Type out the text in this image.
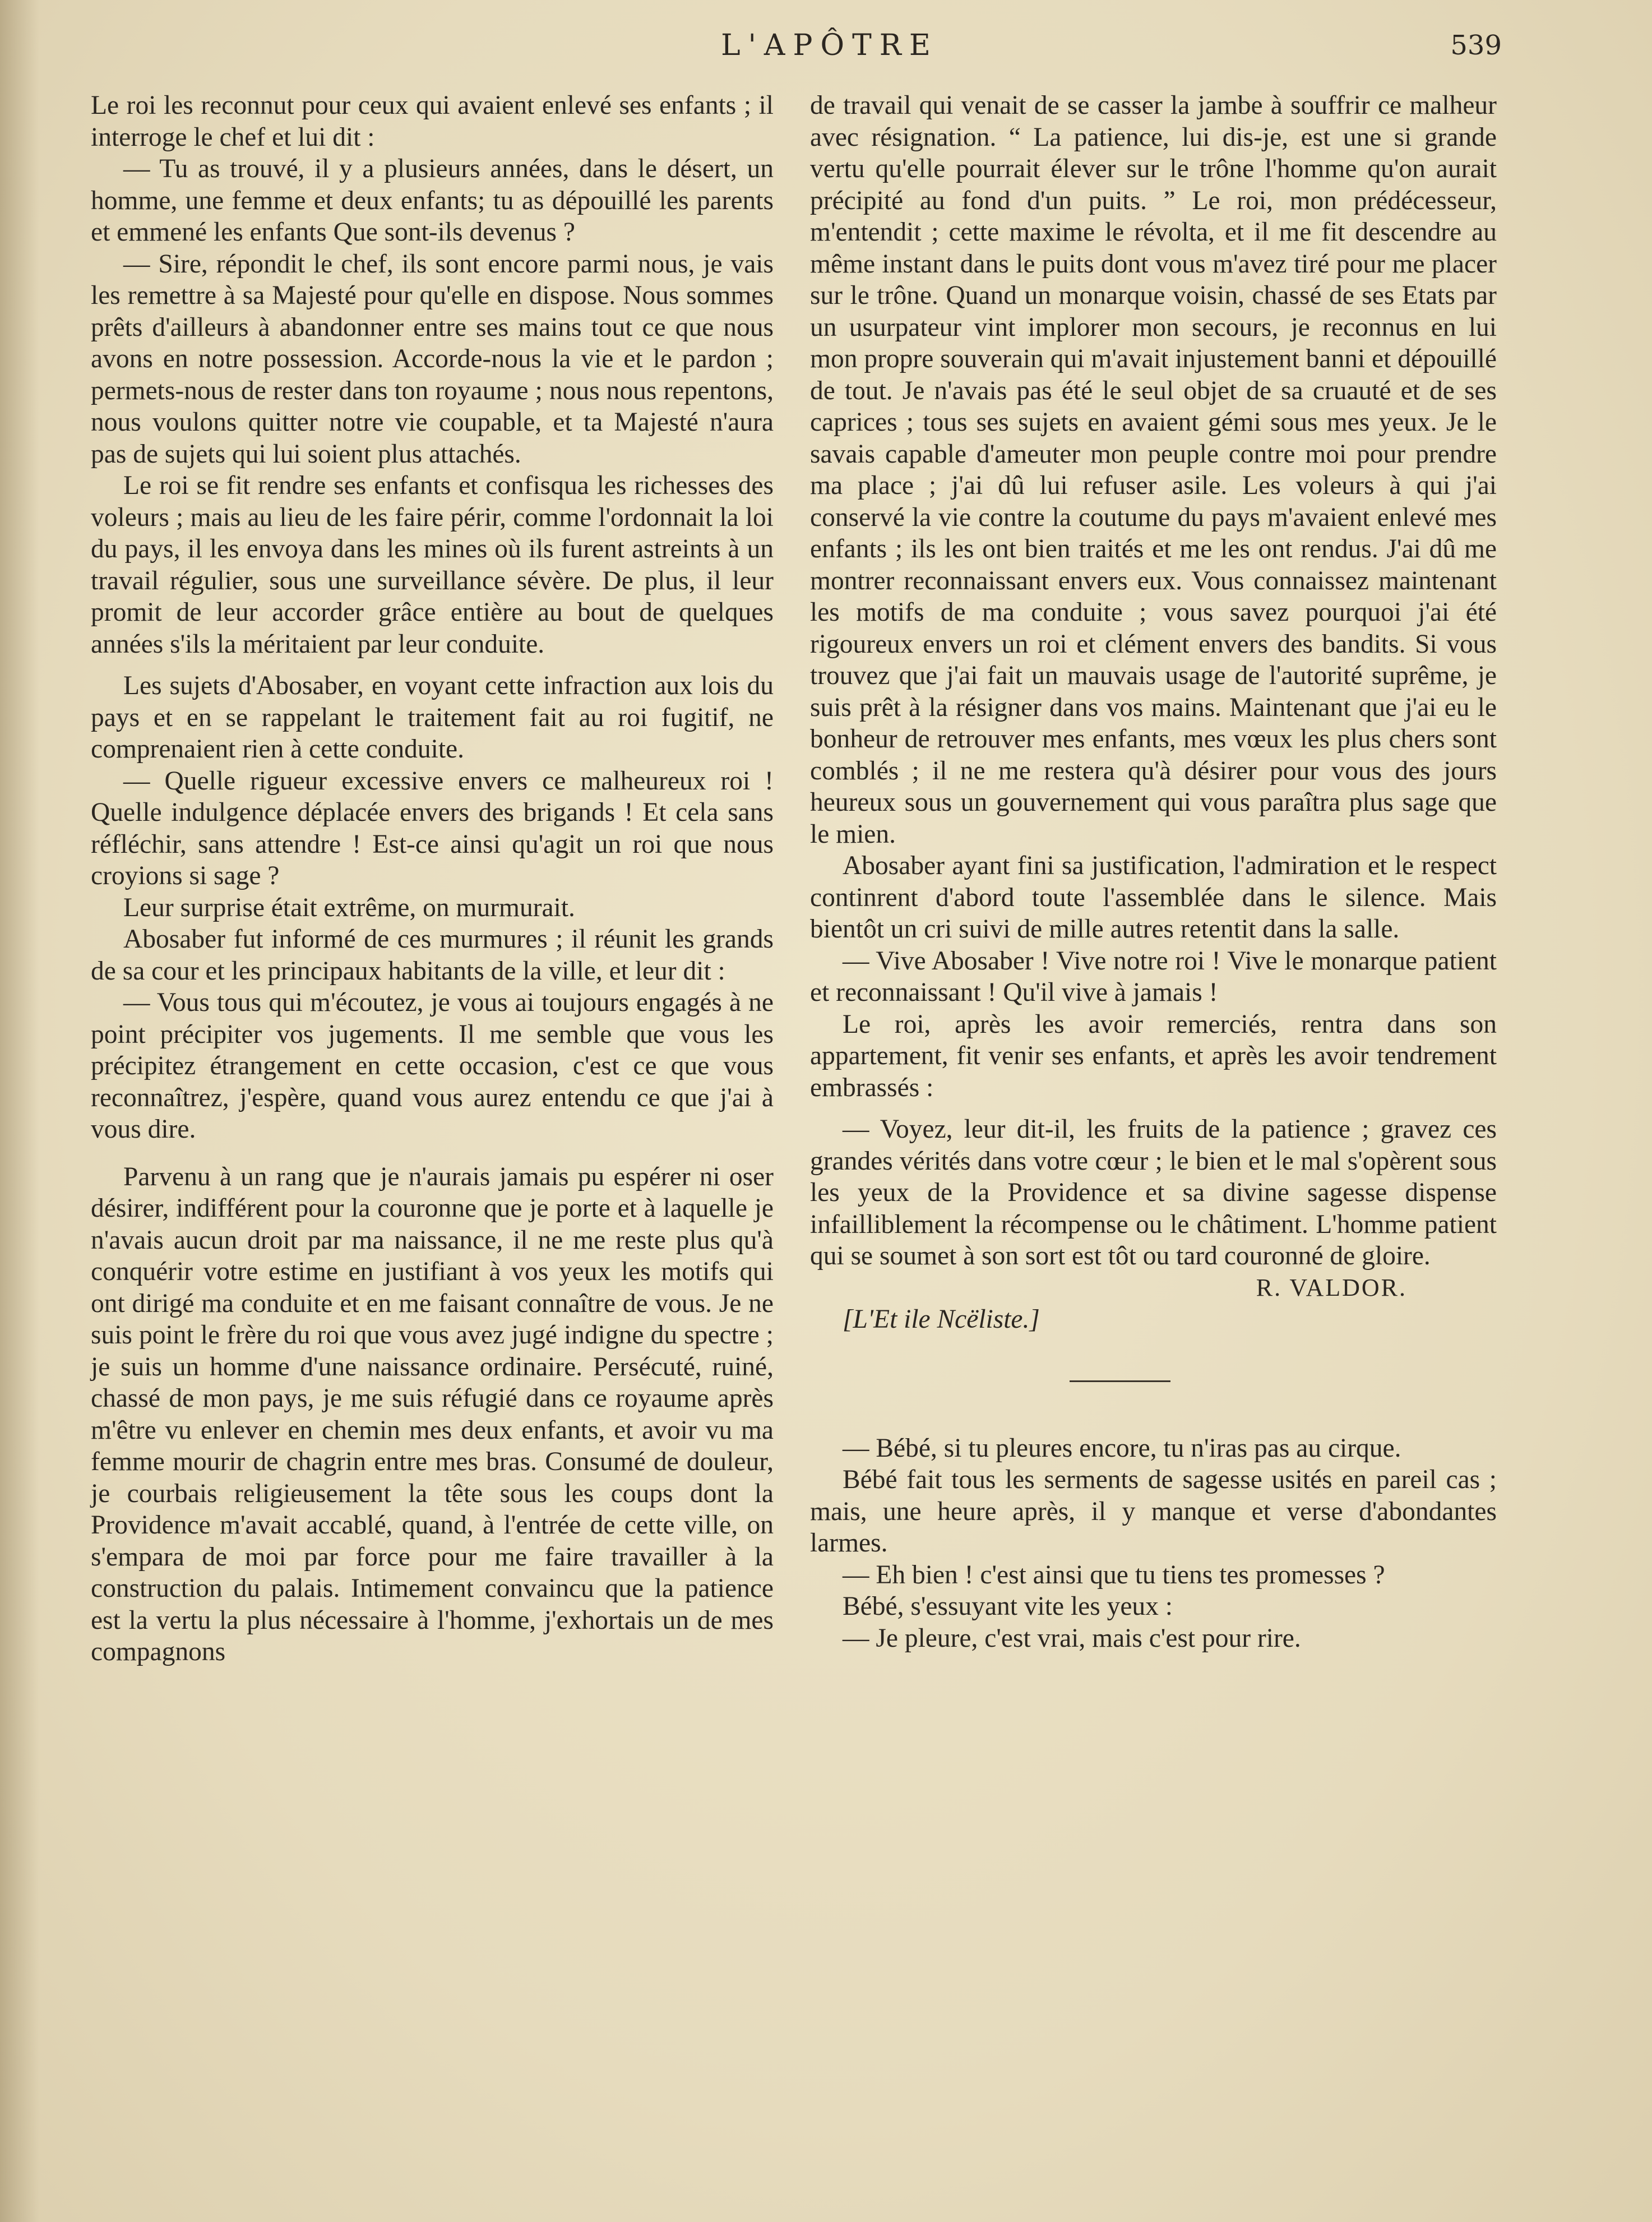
L'APÔTRE	539

Le roi les reconnut pour ceux qui avaient enlevé ses enfants ; il interroge le chef et lui dit :

— Tu as trouvé, il y a plusieurs années, dans le désert, un homme, une femme et deux enfants; tu as dépouillé les parents et emmené les enfants Que sont-ils devenus ?

— Sire, répondit le chef, ils sont encore parmi nous, je vais les remettre à sa Majesté pour qu'elle en dispose. Nous sommes prêts d'ailleurs à abandonner entre ses mains tout ce que nous avons en notre possession. Accorde-nous la vie et le pardon ; permets-nous de rester dans ton royaume ; nous nous repentons, nous voulons quitter notre vie coupable, et ta Majesté n'aura pas de sujets qui lui soient plus attachés.

Le roi se fit rendre ses enfants et confisqua les richesses des voleurs ; mais au lieu de les faire périr, comme l'ordonnait la loi du pays, il les envoya dans les mines où ils furent astreints à un travail régulier, sous une surveillance sévère. De plus, il leur promit de leur accorder grâce entière au bout de quelques années s'ils la méritaient par leur conduite.

Les sujets d'Abosaber, en voyant cette infraction aux lois du pays et en se rappelant le traitement fait au roi fugitif, ne comprenaient rien à cette conduite.

— Quelle rigueur excessive envers ce malheureux roi ! Quelle indulgence déplacée envers des brigands ! Et cela sans réfléchir, sans attendre ! Est-ce ainsi qu'agit un roi que nous croyions si sage ?

Leur surprise était extrême, on murmurait.

Abosaber fut informé de ces murmures ; il réunit les grands de sa cour et les principaux habitants de la ville, et leur dit :

— Vous tous qui m'écoutez, je vous ai toujours engagés à ne point précipiter vos jugements. Il me semble que vous les précipitez étrangement en cette occasion, c'est ce que vous reconnaîtrez, j'espère, quand vous aurez entendu ce que j'ai à vous dire.

Parvenu à un rang que je n'aurais jamais pu espérer ni oser désirer, indifférent pour la couronne que je porte et à laquelle je n'avais aucun droit par ma naissance, il ne me reste plus qu'à conquérir votre estime en justifiant à vos yeux les motifs qui ont dirigé ma conduite et en me faisant connaître de vous. Je ne suis point le frère du roi que vous avez jugé indigne du spectre ; je suis un homme d'une naissance ordinaire. Persécuté, ruiné, chassé de mon pays, je me suis réfugié dans ce royaume après m'être vu enlever en chemin mes deux enfants, et avoir vu ma femme mourir de chagrin entre mes bras. Consumé de douleur, je courbais religieusement la tête sous les coups dont la Providence m'avait accablé, quand, à l'entrée de cette ville, on s'empara de moi par force pour me faire travailler à la construction du palais. Intimement convaincu que la patience est la vertu la plus nécessaire à l'homme, j'exhortais un de mes compagnons

de travail qui venait de se casser la jambe à souffrir ce malheur avec résignation. “ La patience, lui dis-je, est une si grande vertu qu'elle pourrait élever sur le trône l'homme qu'on aurait précipité au fond d'un puits. ” Le roi, mon prédécesseur, m'entendit ; cette maxime le révolta, et il me fit descendre au même instant dans le puits dont vous m'avez tiré pour me placer sur le trône. Quand un monarque voisin, chassé de ses Etats par un usurpateur vint implorer mon secours, je reconnus en lui mon propre souverain qui m'avait injustement banni et dépouillé de tout. Je n'avais pas été le seul objet de sa cruauté et de ses caprices ; tous ses sujets en avaient gémi sous mes yeux. Je le savais capable d'ameuter mon peuple contre moi pour prendre ma place ; j'ai dû lui refuser asile. Les voleurs à qui j'ai conservé la vie contre la coutume du pays m'avaient enlevé mes enfants ; ils les ont bien traités et me les ont rendus. J'ai dû me montrer reconnaissant envers eux. Vous connaissez maintenant les motifs de ma conduite ; vous savez pourquoi j'ai été rigoureux envers un roi et clément envers des bandits. Si vous trouvez que j'ai fait un mauvais usage de l'autorité suprême, je suis prêt à la résigner dans vos mains. Maintenant que j'ai eu le bonheur de retrouver mes enfants, mes vœux les plus chers sont comblés ; il ne me restera qu'à désirer pour vous des jours heureux sous un gouvernement qui vous paraîtra plus sage que le mien.

Abosaber ayant fini sa justification, l'admiration et le respect continrent d'abord toute l'assemblée dans le silence. Mais bientôt un cri suivi de mille autres retentit dans la salle.

— Vive Abosaber ! Vive notre roi ! Vive le monarque patient et reconnaissant ! Qu'il vive à jamais !

Le roi, après les avoir remerciés, rentra dans son appartement, fit venir ses enfants, et après les avoir tendrement embrassés :

— Voyez, leur dit-il, les fruits de la patience ; gravez ces grandes vérités dans votre cœur ; le bien et le mal s'opèrent sous les yeux de la Providence et sa divine sagesse dispense infailliblement la récompense ou le châtiment. L'homme patient qui se soumet à son sort est tôt ou tard couronné de gloire.

R. VALDOR.

[L'Et ile Ncëliste.]

— Bébé, si tu pleures encore, tu n'iras pas au cirque.

Bébé fait tous les serments de sagesse usités en pareil cas ; mais, une heure après, il y manque et verse d'abondantes larmes.

— Eh bien ! c'est ainsi que tu tiens tes promesses ?

Bébé, s'essuyant vite les yeux :

— Je pleure, c'est vrai, mais c'est pour rire.
